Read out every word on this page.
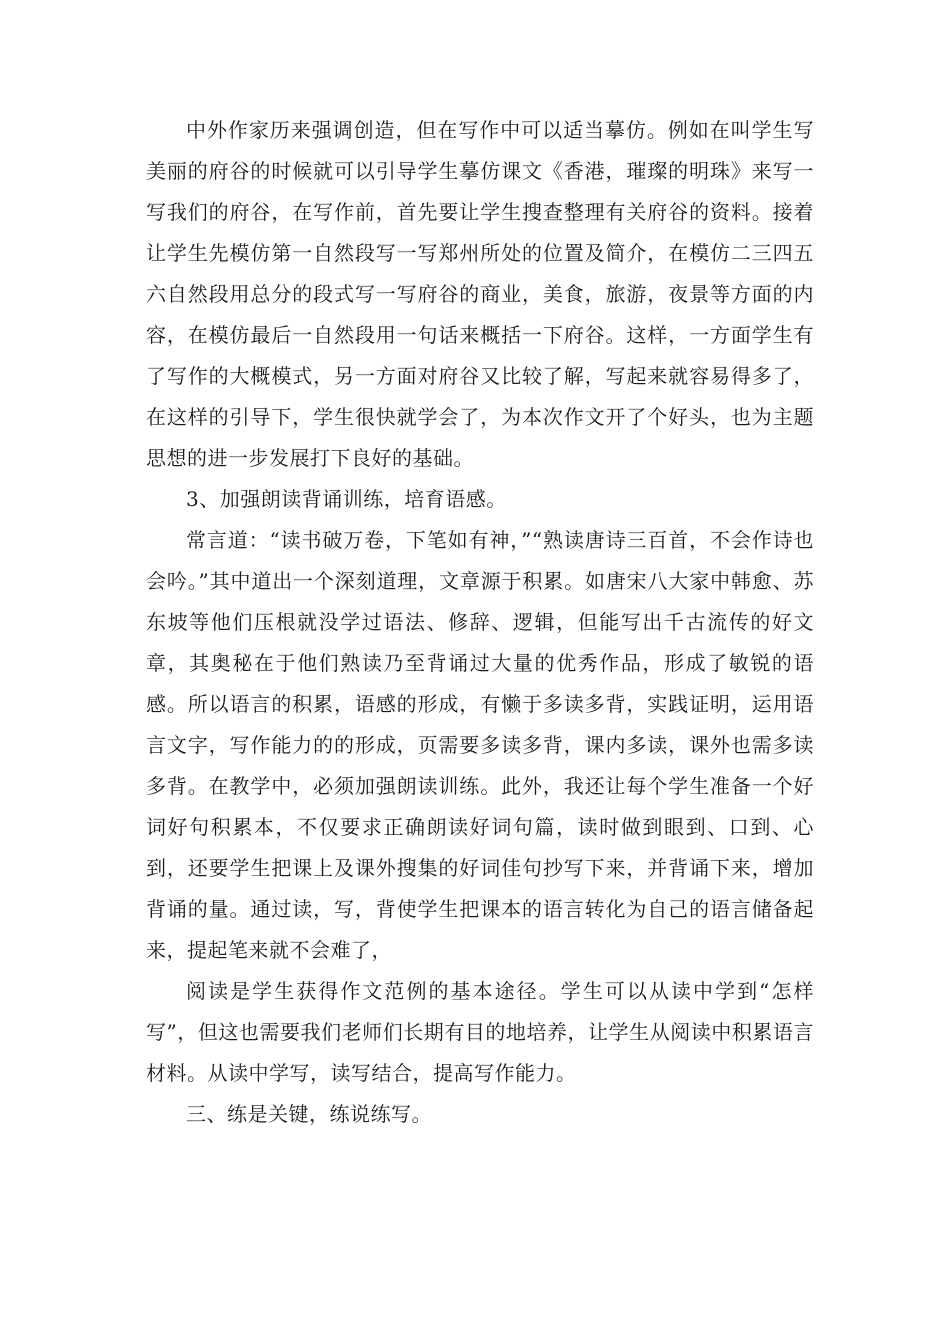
中外作家历来强调创造，但在写作中可以适当摹仿。例如在叫学生写美丽的府谷的时候就可以引导学生摹仿课文《香港，璀璨的明珠》来写一写我们的府谷，在写作前，首先要让学生搜查整理有关府谷的资料。接着让学生先模仿第一自然段写一写郑州所处的位置及简介，在模仿二三四五六自然段用总分的段式写一写府谷的商业，美食，旅游，夜景等方面的内容，在模仿最后一自然段用一句话来概括一下府谷。这样，一方面学生有了写作的大概模式，另一方面对府谷又比较了解，写起来就容易得多了，在这样的引导下，学生很快就学会了，为本次作文开了个好头，也为主题思想的进一步发展打下良好的基础。

3、加强朗读背诵训练，培育语感。

常言道：“读书破万卷，下笔如有神，”“熟读唐诗三百首，不会作诗也会吟。”其中道出一个深刻道理，文章源于积累。如唐宋八大家中韩愈、苏东坡等他们压根就没学过语法、修辞、逻辑，但能写出千古流传的好文章，其奥秘在于他们熟读乃至背诵过大量的优秀作品，形成了敏锐的语感。所以语言的积累，语感的形成，有懒于多读多背，实践证明，运用语言文字，写作能力的的形成，页需要多读多背，课内多读，课外也需多读多背。在教学中，必须加强朗读训练。此外，我还让每个学生准备一个好词好句积累本，不仅要求正确朗读好词句篇，读时做到眼到、口到、心到，还要学生把课上及课外搜集的好词佳句抄写下来，并背诵下来，增加背诵的量。通过读，写，背使学生把课本的语言转化为自己的语言储备起来，提起笔来就不会难了，

阅读是学生获得作文范例的基本途径。学生可以从读中学到“怎样写”，但这也需要我们老师们长期有目的地培养，让学生从阅读中积累语言材料。从读中学写，读写结合，提高写作能力。

三、练是关键，练说练写。
